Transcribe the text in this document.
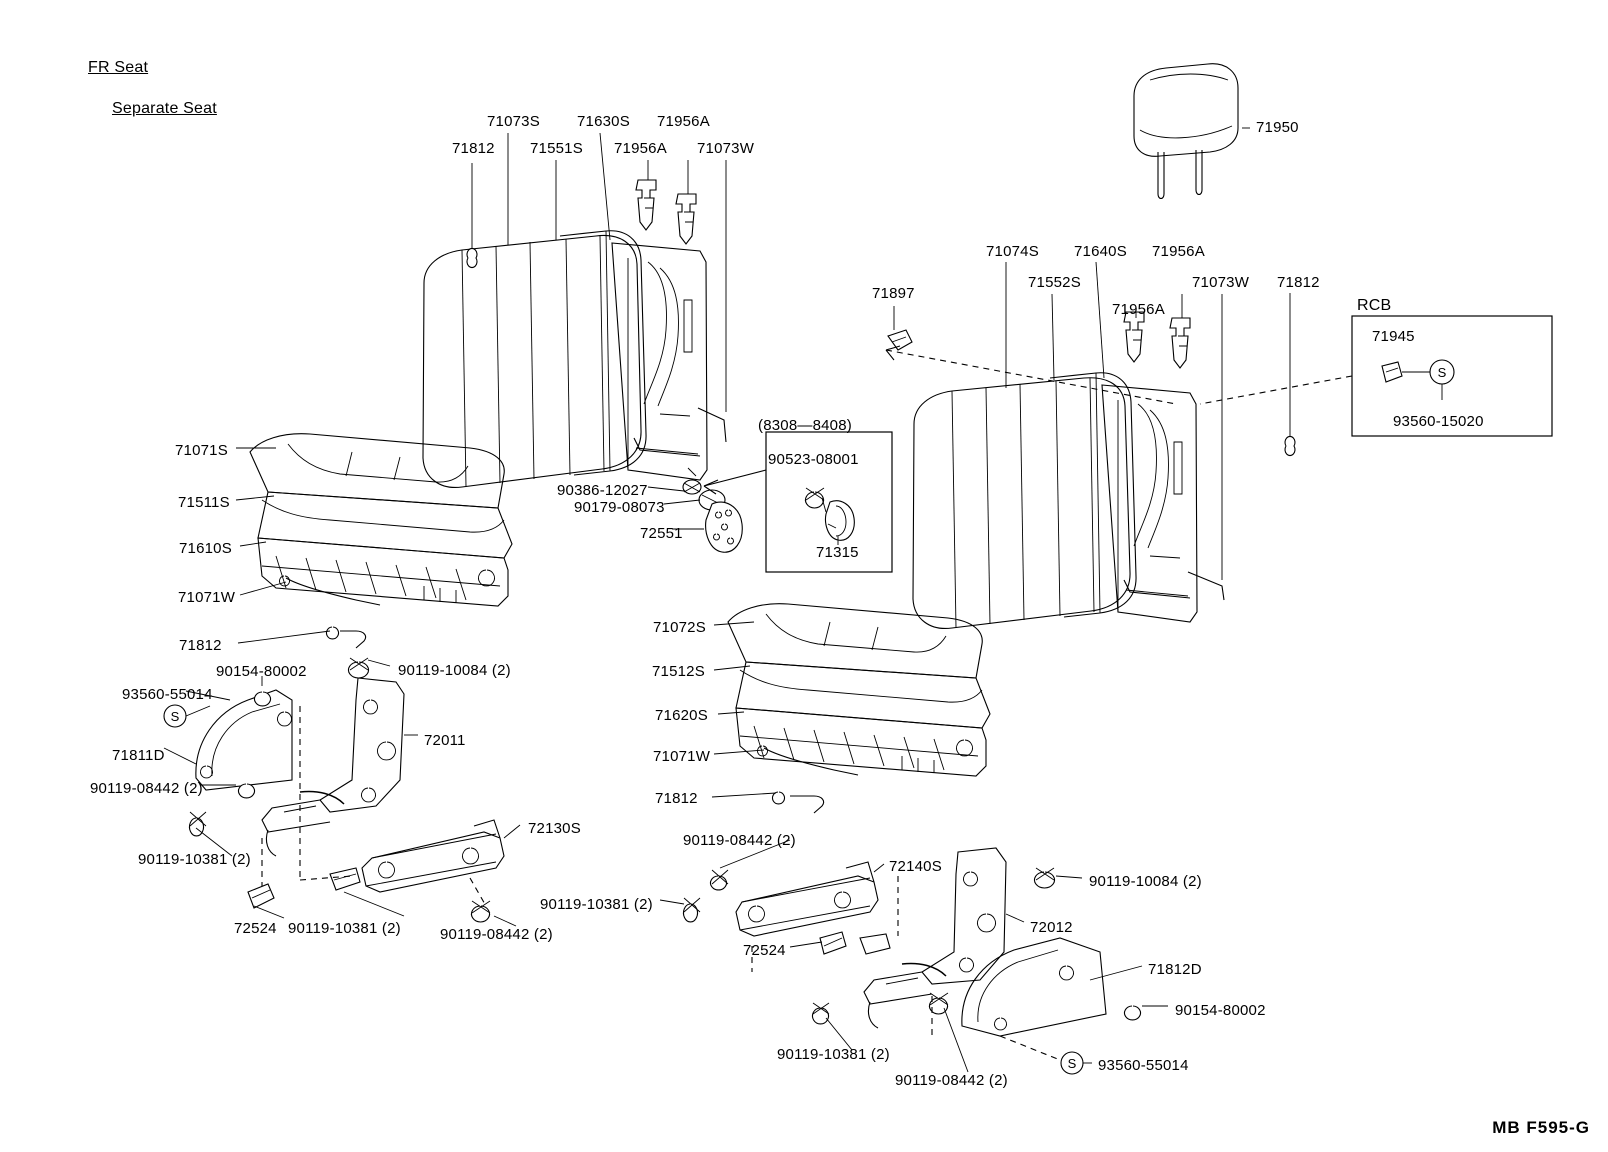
FR Seat
Separate Seat
S
S
S
71812
71073S
71551S
71630S
71956A
71956A
71073W
71950
71074S 71640S 71956A
71552S
71956A
71073W 71812
71897
RCB
71945
93560-15020
(8308—8408)
90523-08001
71315
90386-12027
90179-08073
72551
71071S
71511S
71610S
71071W
71812
71072S
71512S
71620S
71071W
71812
90154-80002	90119-10084 (2)
93560-55014
71811D
72011
90119-08442 (2)
90119-10381 (2)
72130S
72524 90119-10381 (2)	90119-08442 (2)
90119-08442 (2)
72140S
90119-10084 (2)
90119-10381 (2)
72012
72524
71812D
90154-80002
90119-10381 (2)
93560-55014
90119-08442 (2)
MB F595-G
